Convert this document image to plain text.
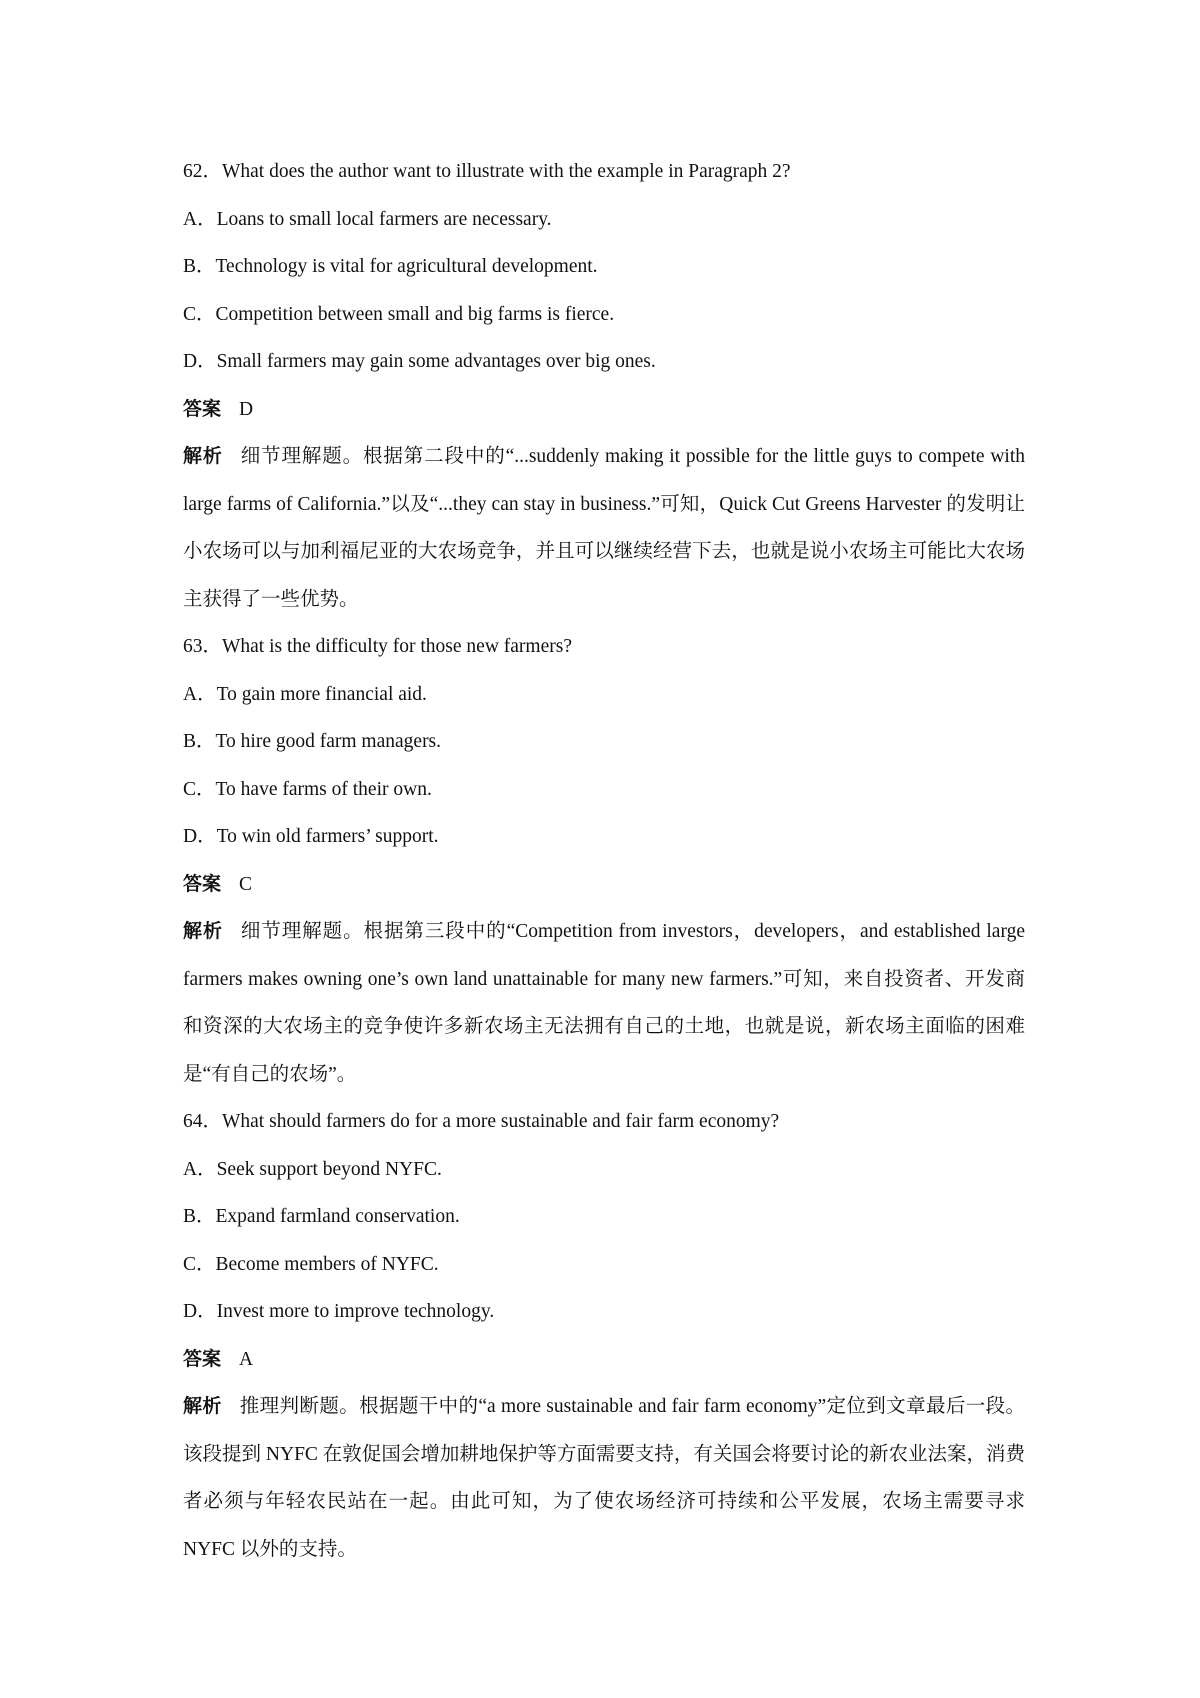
62．What does the author want to illustrate with the example in Paragraph 2?
A．Loans to small local farmers are necessary.
B．Technology is vital for agricultural development.
C．Competition between small and big farms is fierce.
D．Small farmers may gain some advantages over big ones.
答案 D

解析 细节理解题。根据第二段中的“...suddenly making it possible for the little guys to compete with large farms of California.”以及“...they can stay in business.”可知，Quick Cut Greens Harvester 的发明让小农场可以与加利福尼亚的大农场竞争，并且可以继续经营下去，也就是说小农场主可能比大农场主获得了一些优势。

63．What is the difficulty for those new farmers?
A．To gain more financial aid.
B．To hire good farm managers.
C．To have farms of their own.
D．To win old farmers’ support.
答案 C

解析 细节理解题。根据第三段中的“Competition from investors，developers，and established large farmers makes owning one’s own land unattainable for many new farmers.”可知，来自投资者、开发商和资深的大农场主的竞争使许多新农场主无法拥有自己的土地，也就是说，新农场主面临的困难是“有自己的农场”。

64．What should farmers do for a more sustainable and fair farm economy?
A．Seek support beyond NYFC.
B．Expand farmland conservation.
C．Become members of NYFC.
D．Invest more to improve technology.
答案 A

解析 推理判断题。根据题干中的“a more sustainable and fair farm economy”定位到文章最后一段。该段提到 NYFC 在敦促国会增加耕地保护等方面需要支持，有关国会将要讨论的新农业法案，消费者必须与年轻农民站在一起。由此可知，为了使农场经济可持续和公平发展，农场主需要寻求 NYFC 以外的支持。
